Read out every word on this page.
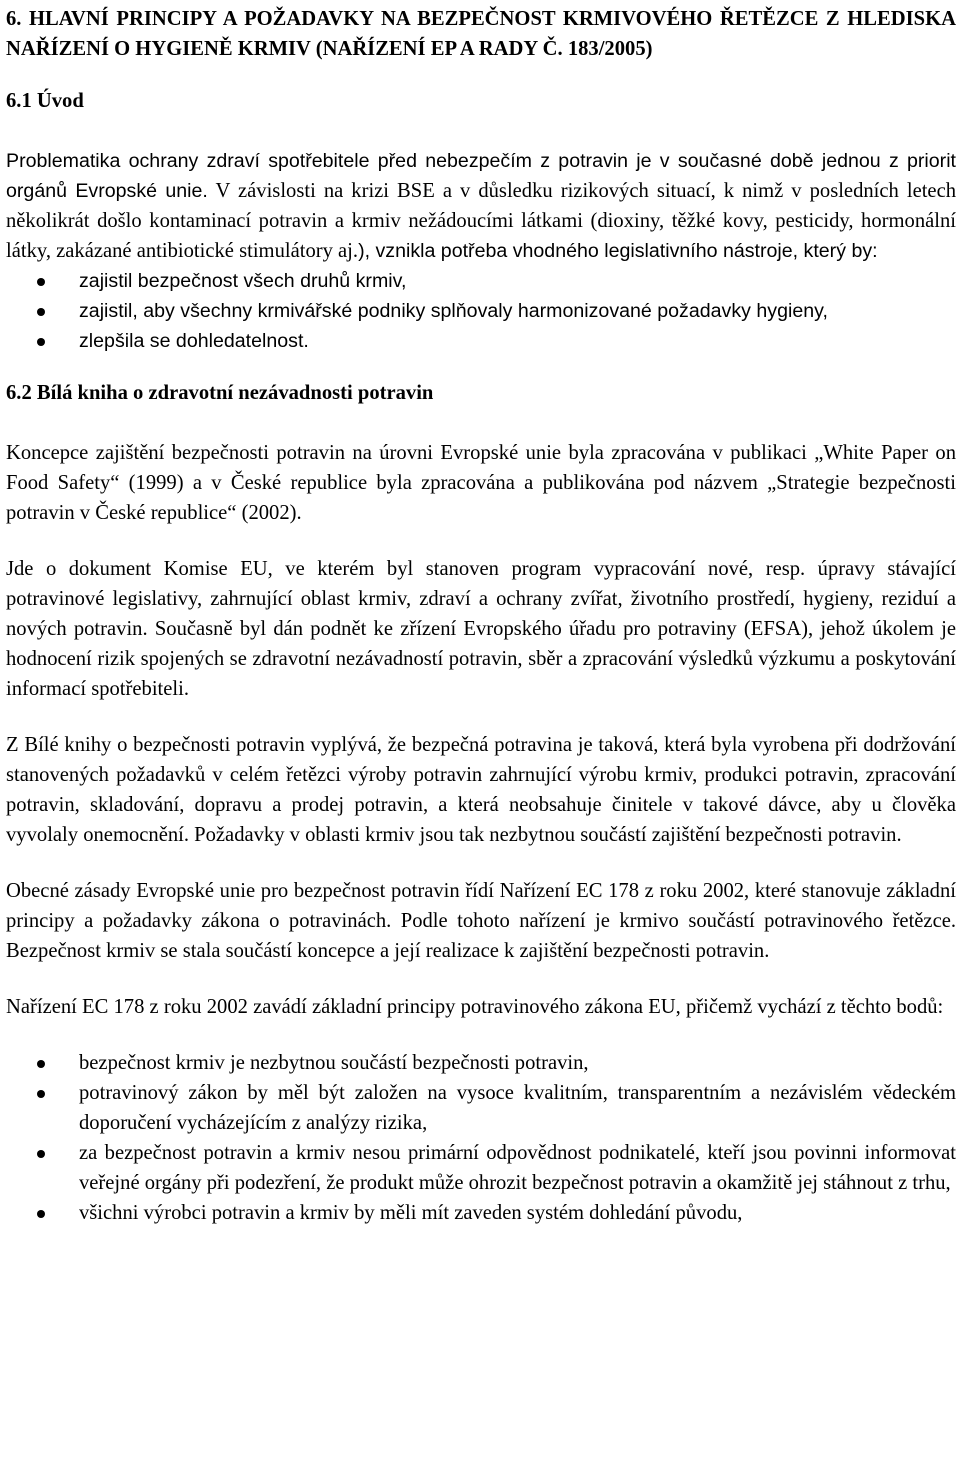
6. HLAVNÍ PRINCIPY A POŽADAVKY NA BEZPEČNOST KRMIVOVÉHO ŘETĚZCE Z HLEDISKA NAŘÍZENÍ O HYGIENĚ KRMIV (NAŘÍZENÍ EP A RADY Č. 183/2005)
6.1 Úvod

Problematika ochrany zdraví spotřebitele před nebezpečím z potravin je v současné době jednou z priorit orgánů Evropské unie. V závislosti na krizi BSE a v důsledku rizikových situací, k nimž v posledních letech několikrát došlo kontaminací potravin a krmiv nežádoucími látkami (dioxiny, těžké kovy, pesticidy, hormonální látky, zakázané antibiotické stimulátory aj.), vznikla potřeba vhodného legislativního nástroje, který by:

zajistil bezpečnost všech druhů krmiv,
zajistil, aby všechny krmivářské podniky splňovaly harmonizované požadavky hygieny,
zlepšila se dohledatelnost.
6.2 Bílá kniha o zdravotní nezávadnosti potravin

Koncepce zajištění bezpečnosti potravin na úrovni Evropské unie byla zpracována v publikaci „White Paper on Food Safety“ (1999) a v České republice byla zpracována a publikována pod názvem „Strategie bezpečnosti potravin v České republice“ (2002).

Jde o dokument Komise EU, ve kterém byl stanoven program vypracování nové, resp. úpravy stávající potravinové legislativy, zahrnující oblast krmiv, zdraví a ochrany zvířat, životního prostředí, hygieny, reziduí a nových potravin. Současně byl dán podnět ke zřízení Evropského úřadu pro potraviny (EFSA), jehož úkolem je hodnocení rizik spojených se zdravotní nezávadností potravin, sběr a zpracování výsledků výzkumu a poskytování informací spotřebiteli.

Z Bílé knihy o bezpečnosti potravin vyplývá, že bezpečná potravina je taková, která byla vyrobena při dodržování stanovených požadavků v celém řetězci výroby potravin zahrnující výrobu krmiv, produkci potravin, zpracování potravin, skladování, dopravu a prodej potravin, a která neobsahuje činitele v takové dávce, aby u člověka vyvolaly onemocnění. Požadavky v oblasti krmiv jsou tak nezbytnou součástí zajištění bezpečnosti potravin.

Obecné zásady Evropské unie pro bezpečnost potravin řídí Nařízení EC 178 z roku 2002, které stanovuje základní principy a požadavky zákona o potravinách. Podle tohoto nařízení je krmivo součástí potravinového řetězce. Bezpečnost krmiv se stala součástí koncepce a její realizace k zajištění bezpečnosti potravin.

Nařízení EC 178 z roku 2002 zavádí základní principy potravinového zákona EU, přičemž vychází z těchto bodů:

bezpečnost krmiv je nezbytnou součástí bezpečnosti potravin,
potravinový zákon by měl být založen na vysoce kvalitním, transparentním a nezávislém vědeckém doporučení vycházejícím z analýzy rizika,
za bezpečnost potravin a krmiv nesou primární odpovědnost podnikatelé, kteří jsou povinni informovat veřejné orgány při podezření, že produkt může ohrozit bezpečnost potravin a okamžitě jej stáhnout z trhu,
všichni výrobci potravin a krmiv by měli mít zaveden systém dohledání původu,
